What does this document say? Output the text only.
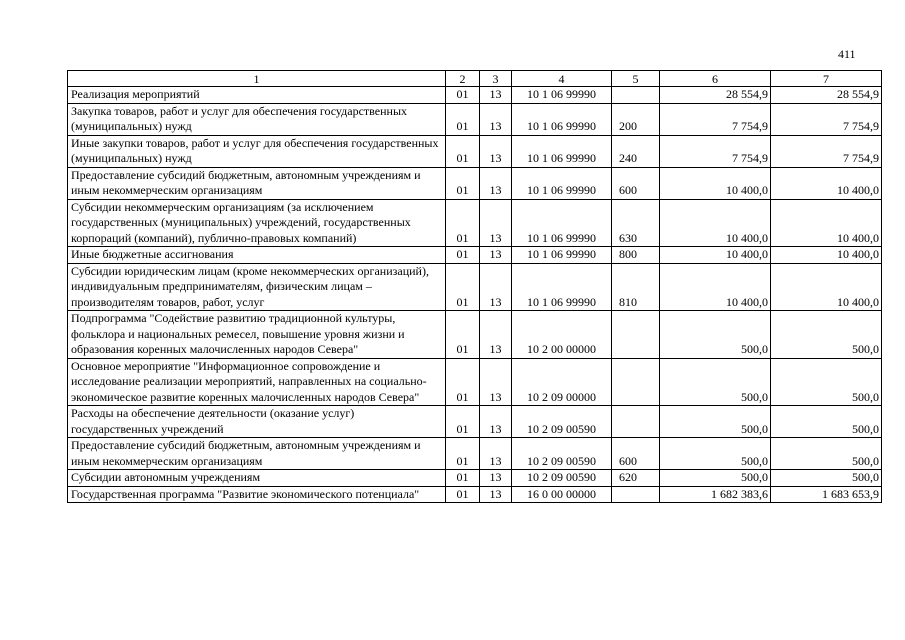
411
1	2	3	4	5	6	7
Реализация мероприятий	01	13	10 1 06 99990		28 554,9	28 554,9
Закупка товаров, работ и услуг для обеспечения государственных (муниципальных) нужд	01	13	10 1 06 99990	200	7 754,9	7 754,9
Иные закупки товаров, работ и услуг для обеспечения государственных (муниципальных) нужд	01	13	10 1 06 99990	240	7 754,9	7 754,9
Предоставление субсидий бюджетным, автономным учреждениям и иным некоммерческим организациям	01	13	10 1 06 99990	600	10 400,0	10 400,0
Субсидии некоммерческим организациям (за исключением государственных (муниципальных) учреждений, государственных корпораций (компаний), публично-правовых компаний)	01	13	10 1 06 99990	630	10 400,0	10 400,0
Иные бюджетные ассигнования	01	13	10 1 06 99990	800	10 400,0	10 400,0
Субсидии юридическим лицам (кроме некоммерческих организаций), индивидуальным предпринимателям, физическим лицам – производителям товаров, работ, услуг	01	13	10 1 06 99990	810	10 400,0	10 400,0
Подпрограмма "Содействие развитию традиционной культуры, фольклора и национальных ремесел, повышение уровня жизни и образования коренных малочисленных народов Севера"	01	13	10 2 00 00000		500,0	500,0
Основное мероприятие "Информационное сопровождение и исследование реализации мероприятий, направленных на социально-экономическое развитие коренных малочисленных народов Севера"	01	13	10 2 09 00000		500,0	500,0
Расходы на обеспечение деятельности (оказание услуг) государственных учреждений	01	13	10 2 09 00590		500,0	500,0
Предоставление субсидий бюджетным, автономным учреждениям и иным некоммерческим организациям	01	13	10 2 09 00590	600	500,0	500,0
Субсидии автономным учреждениям	01	13	10 2 09 00590	620	500,0	500,0
Государственная программа "Развитие экономического потенциала"	01	13	16 0 00 00000		1 682 383,6	1 683 653,9
